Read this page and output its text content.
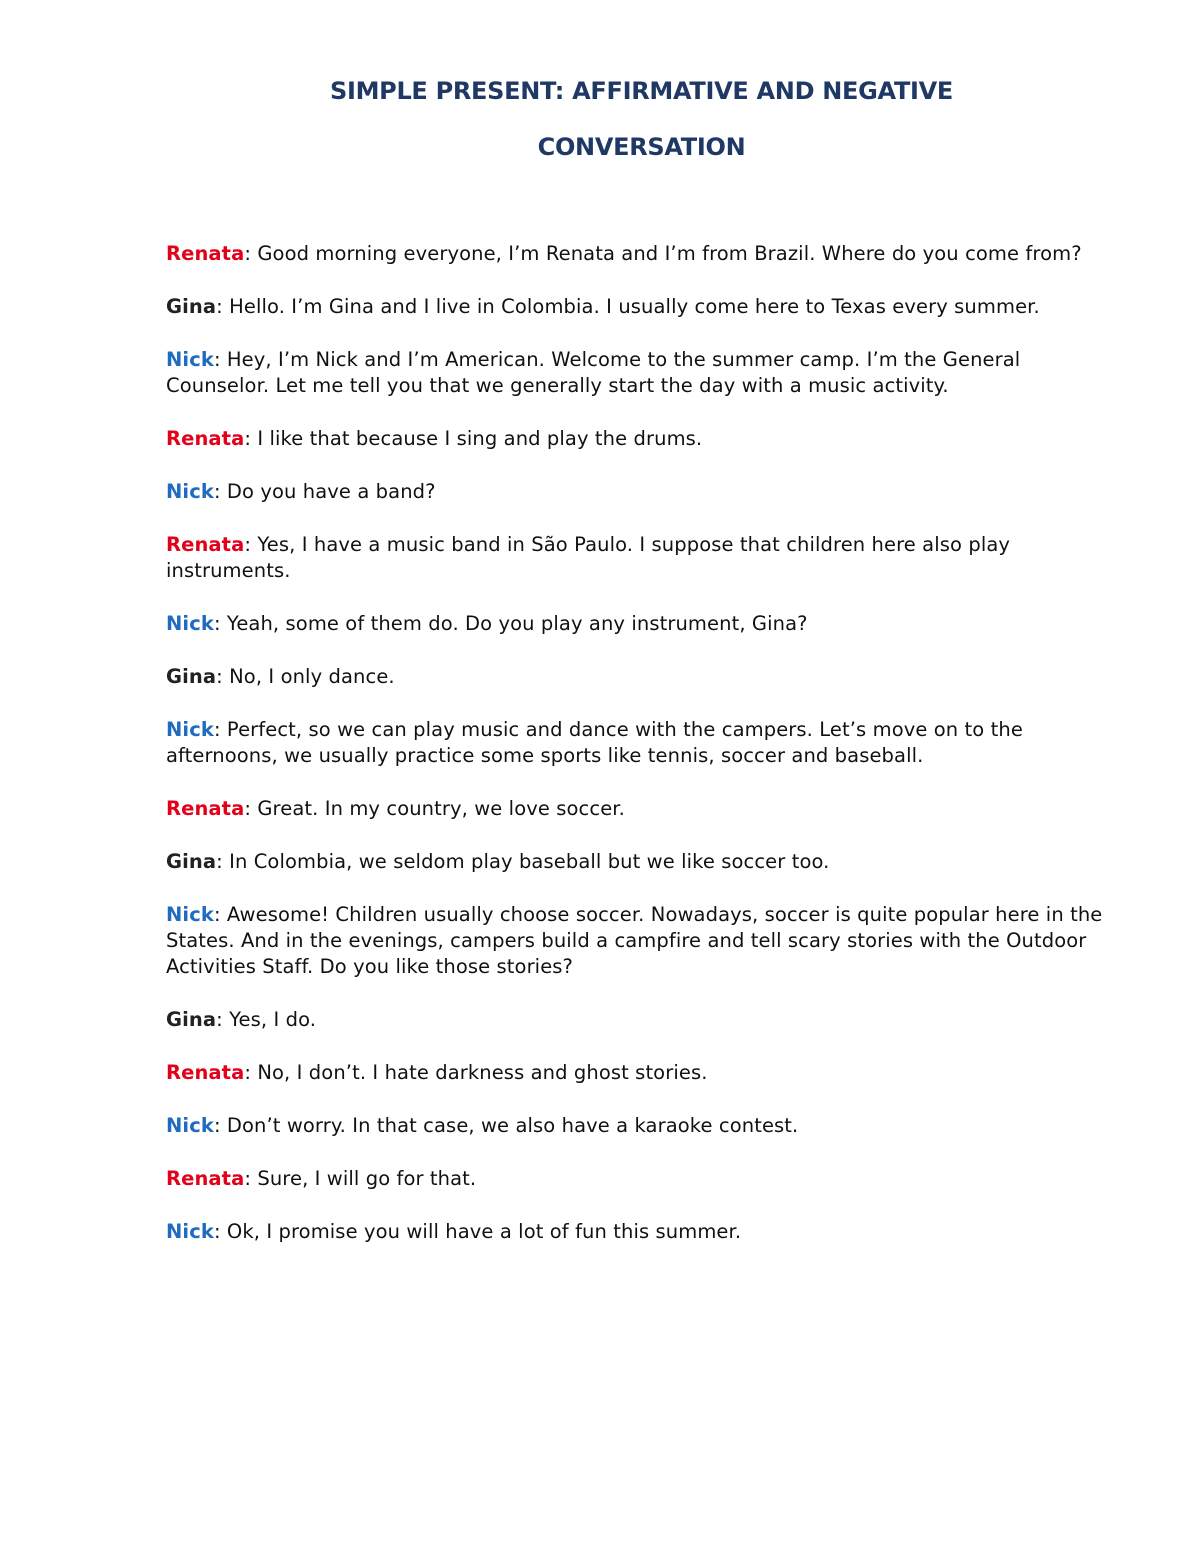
SIMPLE PRESENT: AFFIRMATIVE AND NEGATIVE
CONVERSATION

Renata: Good morning everyone, I’m Renata and I’m from Brazil. Where do you come from?

Gina: Hello. I’m Gina and I live in Colombia. I usually come here to Texas every summer.

Nick: Hey, I’m Nick and I’m American. Welcome to the summer camp. I’m the General Counselor. Let me tell you that we generally start the day with a music activity.

Renata: I like that because I sing and play the drums.

Nick: Do you have a band?

Renata: Yes, I have a music band in São Paulo. I suppose that children here also play instruments.

Nick: Yeah, some of them do. Do you play any instrument, Gina?

Gina: No, I only dance.

Nick: Perfect, so we can play music and dance with the campers. Let’s move on to the afternoons, we usually practice some sports like tennis, soccer and baseball.

Renata: Great. In my country, we love soccer.

Gina: In Colombia, we seldom play baseball but we like soccer too.

Nick: Awesome! Children usually choose soccer. Nowadays, soccer is quite popular here in the States. And in the evenings, campers build a campfire and tell scary stories with the Outdoor Activities Staff. Do you like those stories?

Gina: Yes, I do.

Renata: No, I don’t. I hate darkness and ghost stories.

Nick: Don’t worry. In that case, we also have a karaoke contest.

Renata: Sure, I will go for that.

Nick: Ok, I promise you will have a lot of fun this summer.
